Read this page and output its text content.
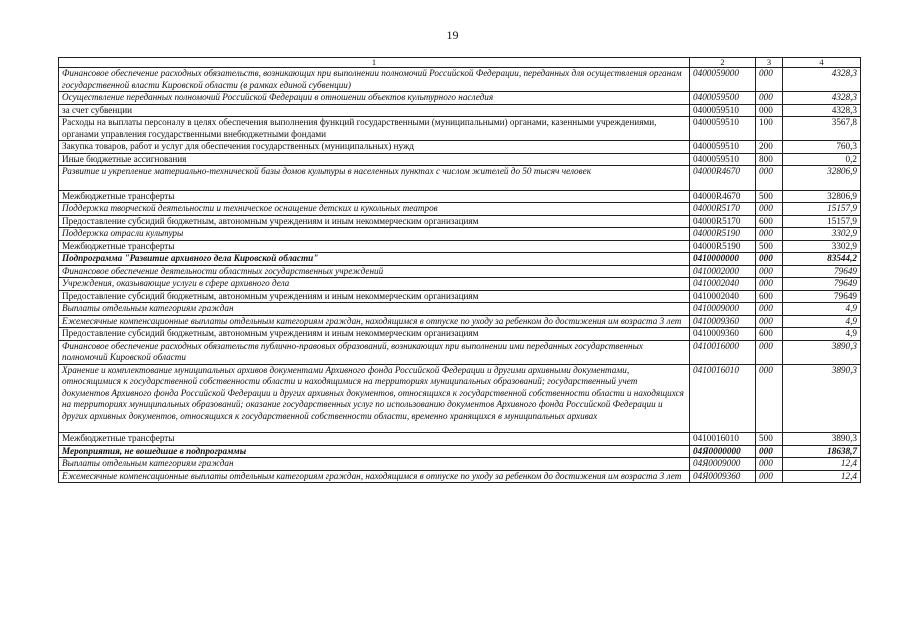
19
1	2	3	4
Финансовое обеспечение расходных обязательств, возникающих при выполнении полномочий Российской Федерации, переданных для осуществления органам государственной власти Кировской области (в рамках единой субвенции)	0400059000	000	4328,3
Осуществление переданных полномочий Российской Федерации в отношении объектов культурного наследия	0400059500	000	4328,3
за счет субвенции	0400059510	000	4328,3
Расходы на выплаты персоналу в целях обеспечения выполнения функций государственными (муниципальными) органами, казенными учреждениями, органами управления государственными внебюджетными фондами	0400059510	100	3567,8
Закупка товаров, работ и услуг для обеспечения государственных (муниципальных) нужд	0400059510	200	760,3
Иные бюджетные ассигнования	0400059510	800	0,2
Развитие и укрепление материально-технической базы домов культуры в населенных пунктах с числом жителей до 50 тысяч человек	04000R4670	000	32806,9
Межбюджетные трансферты	04000R4670	500	32806,9
Поддержка творческой деятельности и техническое оснащение детских и кукольных театров	04000R5170	000	15157,9
Предоставление субсидий бюджетным, автономным учреждениям и иным некоммерческим организациям	04000R5170	600	15157,9
Поддержка отрасли культуры	04000R5190	000	3302,9
Межбюджетные трансферты	04000R5190	500	3302,9
Подпрограмма "Развитие архивного дела Кировской области"	0410000000	000	83544,2
Финансовое обеспечение деятельности областных государственных учреждений	0410002000	000	79649
Учреждения, оказывающие услуги в сфере архивного дела	0410002040	000	79649
Предоставление субсидий бюджетным, автономным учреждениям и иным некоммерческим организациям	0410002040	600	79649
Выплаты отдельным категориям граждан	0410009000	000	4,9
Ежемесячные компенсационные выплаты отдельным категориям граждан, находящимся в отпуске по уходу за ребенком до достижения им возраста 3 лет	0410009360	000	4,9
Предоставление субсидий бюджетным, автономным учреждениям и иным некоммерческим организациям	0410009360	600	4,9
Финансовое обеспечение расходных обязательств публично-правовых образований, возникающих при выполнении ими переданных государственных полномочий Кировской области	0410016000	000	3890,3
Хранение и комплектование муниципальных архивов документами Архивного фонда Российской Федерации и другими архивными документами, относящимися к государственной собственности области и находящимися на территориях муниципальных образований; государственный учет документов Архивного фонда Российской Федерации и других архивных документов, относящихся к государственной собственности области и находящихся на территориях муниципальных образований; оказание государственных услуг по использованию документов Архивного фонда Российской Федерации и других архивных документов, относящихся к государственной собственности области, временно хранящихся в муниципальных архивах	0410016010	000	3890,3
Межбюджетные трансферты	0410016010	500	3890,3
Мероприятия, не вошедшие в подпрограммы	04Я0000000	000	18638,7
Выплаты отдельным категориям граждан	04Я0009000	000	12,4
Ежемесячные компенсационные выплаты отдельным категориям граждан, находящимся в отпуске по уходу за ребенком до достижения им возраста 3 лет	04Я0009360	000	12,4
